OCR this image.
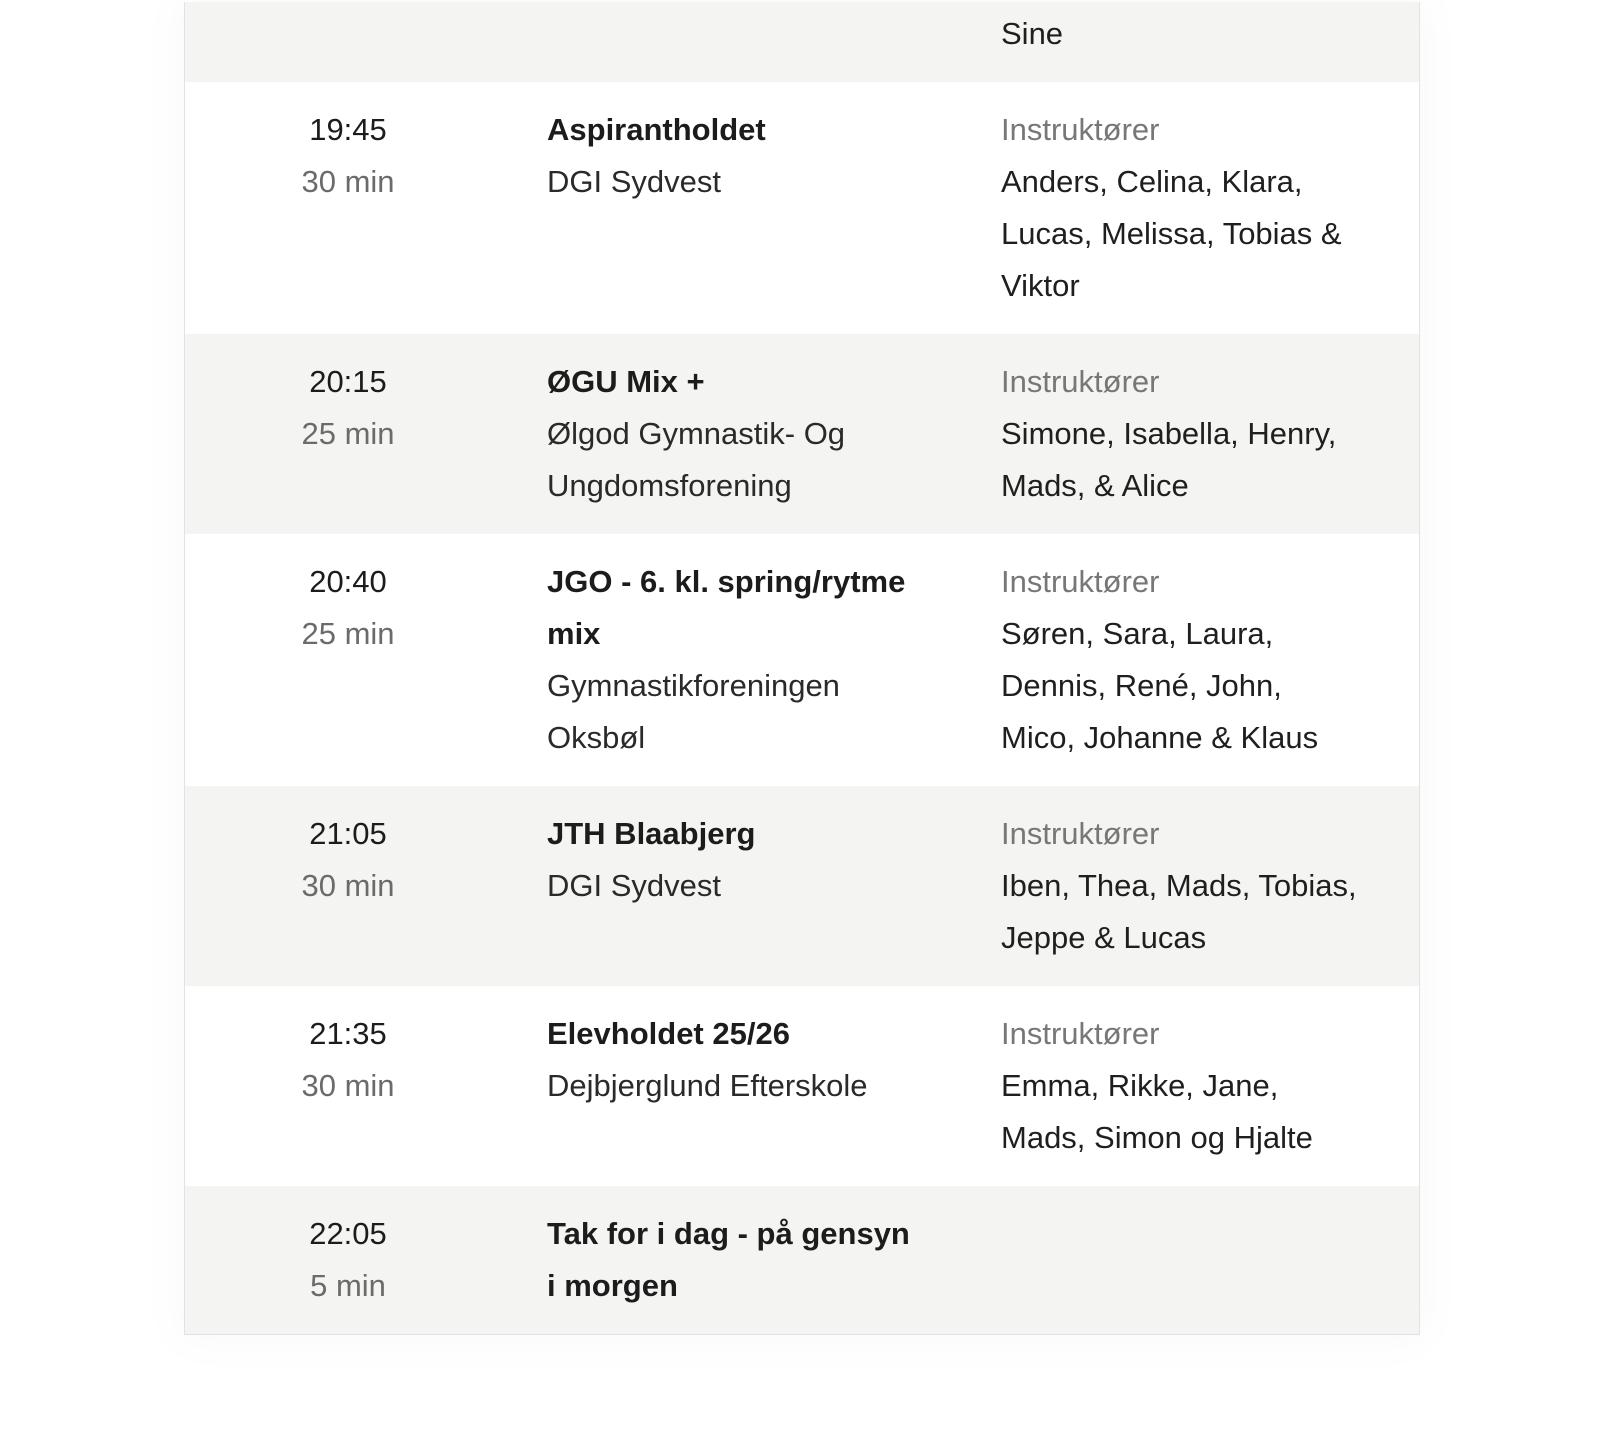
Sine
19:45
30 min
Aspirantholdet
DGI Sydvest
Instruktører
Anders, Celina, Klara,
Lucas, Melissa, Tobias &
Viktor
20:15
25 min
ØGU Mix +
Ølgod Gymnastik- Og
Ungdomsforening
Instruktører
Simone, Isabella, Henry,
Mads, & Alice
20:40
25 min
JGO - 6. kl. spring/rytme
mix
Gymnastikforeningen
Oksbøl
Instruktører
Søren, Sara, Laura,
Dennis, René, John,
Mico, Johanne & Klaus
21:05
30 min
JTH Blaabjerg
DGI Sydvest
Instruktører
Iben, Thea, Mads, Tobias,
Jeppe & Lucas
21:35
30 min
Elevholdet 25/26
Dejbjerglund Efterskole
Instruktører
Emma, Rikke, Jane,
Mads, Simon og Hjalte
22:05
5 min
Tak for i dag - på gensyn
i morgen
